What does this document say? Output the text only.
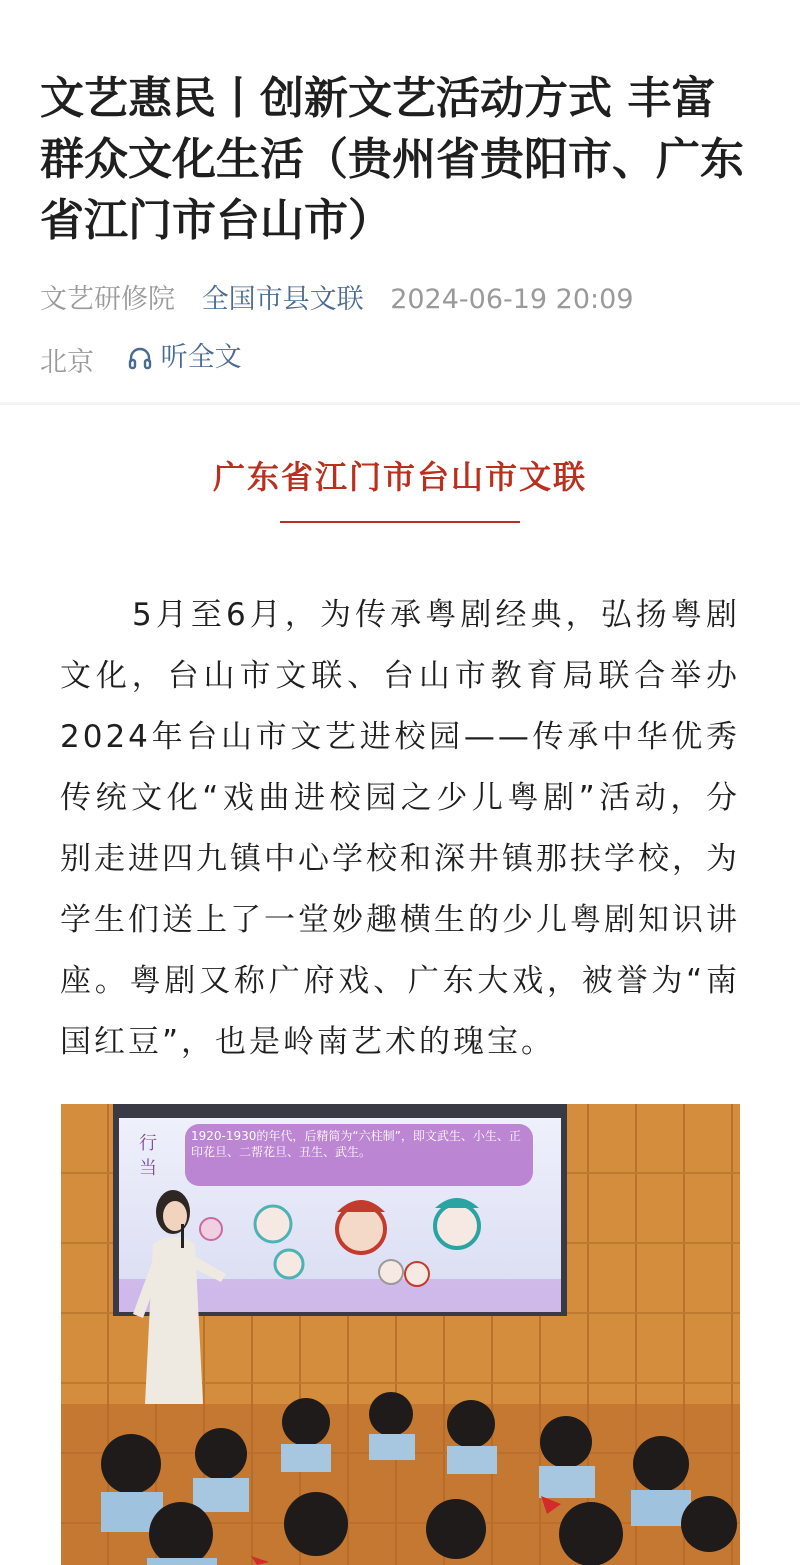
文艺惠民丨创新文艺活动方式 丰富群众文化生活（贵州省贵阳市、广东省江门市台山市）
文艺研修院 全国市县文联 2024-06-19 20:09
北京 听全文
广东省江门市台山市文联

5月至6月，为传承粤剧经典，弘扬粤剧文化，台山市文联、台山市教育局联合举办2024年台山市文艺进校园——传承中华优秀传统文化“戏曲进校园之少儿粤剧”活动，分别走进四九镇中心学校和深井镇那扶学校，为学生们送上了一堂妙趣横生的少儿粤剧知识讲座。粤剧又称广府戏、广东大戏，被誉为“南国红豆”，也是岭南艺术的瑰宝。

行
当
1920-1930的年代，后精简为“六柱制”，即文武生、小生、正印花旦、二帮花旦、丑生、武生。
